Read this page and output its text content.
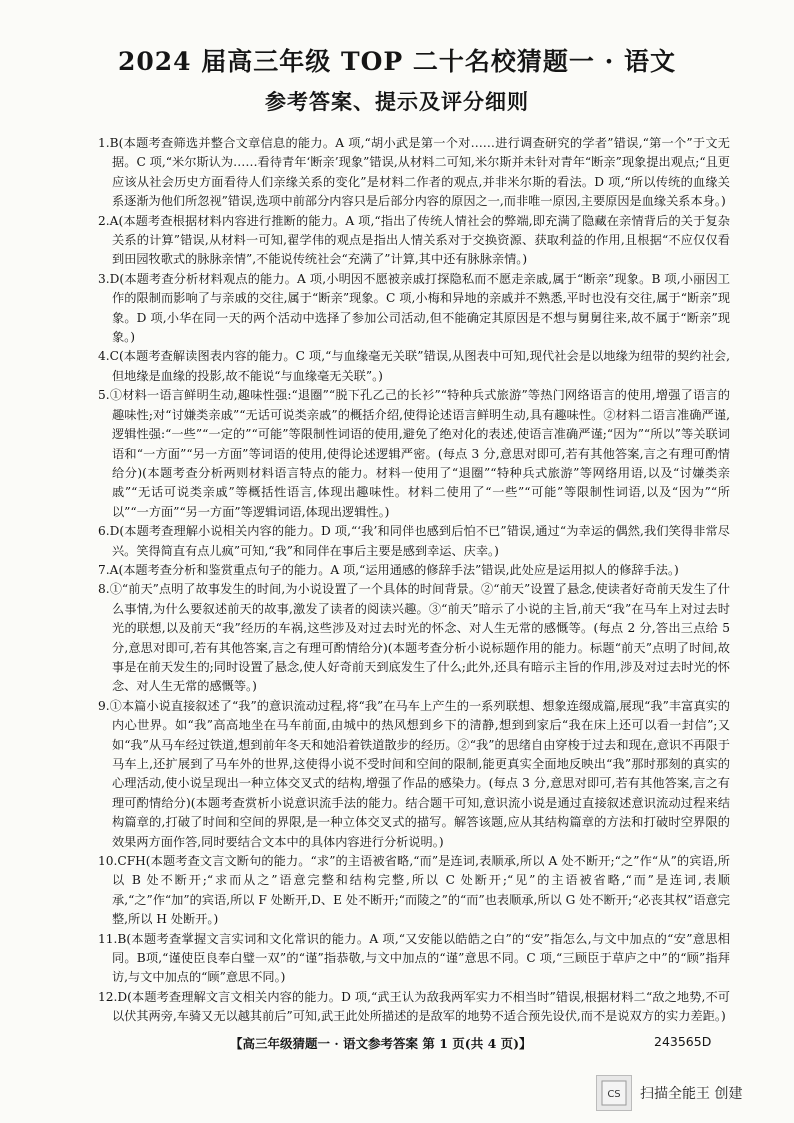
2024 届高三年级 TOP 二十名校猜题一 · 语文
参考答案、提示及评分细则

1.B(本题考查筛选并整合文章信息的能力。A 项,“胡小武是第一个对……进行调查研究的学者”错误,“第一个”于文无据。C 项,“米尔斯认为……看待青年‘断亲’现象”错误,从材料二可知,米尔斯并未针对青年“断亲”现象提出观点;“且更应该从社会历史方面看待人们亲缘关系的变化”是材料二作者的观点,并非米尔斯的看法。D 项,“所以传统的血缘关系逐渐为他们所忽视”错误,选项中前部分内容只是后部分内容的原因之一,而非唯一原因,主要原因是血缘关系本身。)

2.A(本题考查根据材料内容进行推断的能力。A 项,“指出了传统人情社会的弊端,即充满了隐藏在亲情背后的关于复杂关系的计算”错误,从材料一可知,翟学伟的观点是指出人情关系对于交换资源、获取利益的作用,且根据“不应仅仅看到田园牧歌式的脉脉亲情”,不能说传统社会“充满了”计算,其中还有脉脉亲情。)

3.D(本题考查分析材料观点的能力。A 项,小明因不愿被亲戚打探隐私而不愿走亲戚,属于“断亲”现象。B 项,小丽因工作的限制而影响了与亲戚的交往,属于“断亲”现象。C 项,小梅和异地的亲戚并不熟悉,平时也没有交往,属于“断亲”现象。D 项,小华在同一天的两个活动中选择了参加公司活动,但不能确定其原因是不想与舅舅往来,故不属于“断亲”现象。)

4.C(本题考查解读图表内容的能力。C 项,“与血缘毫无关联”错误,从图表中可知,现代社会是以地缘为纽带的契约社会,但地缘是血缘的投影,故不能说“与血缘毫无关联”。)

5.①材料一语言鲜明生动,趣味性强:“退圈”“脱下孔乙己的长衫”“特种兵式旅游”等热门网络语言的使用,增强了语言的趣味性;对“讨嫌类亲戚”“无话可说类亲戚”的概括介绍,使得论述语言鲜明生动,具有趣味性。②材料二语言准确严谨,逻辑性强:“一些”“一定的”“可能”等限制性词语的使用,避免了绝对化的表述,使语言准确严谨;“因为”“所以”等关联词语和“一方面”“另一方面”等词语的使用,使得论述逻辑严密。(每点 3 分,意思对即可,若有其他答案,言之有理可酌情给分)(本题考查分析两则材料语言特点的能力。材料一使用了“退圈”“特种兵式旅游”等网络用语,以及“讨嫌类亲戚”“无话可说类亲戚”等概括性语言,体现出趣味性。材料二使用了“一些”“可能”等限制性词语,以及“因为”“所以”“一方面”“另一方面”等逻辑词语,体现出逻辑性。)

6.D(本题考查理解小说相关内容的能力。D 项,“‘我’和同伴也感到后怕不已”错误,通过“为幸运的偶然,我们笑得非常尽兴。笑得简直有点儿疯”可知,“我”和同伴在事后主要是感到幸运、庆幸。)

7.A(本题考查分析和鉴赏重点句子的能力。A 项,“运用通感的修辞手法”错误,此处应是运用拟人的修辞手法。)

8.①“前天”点明了故事发生的时间,为小说设置了一个具体的时间背景。②“前天”设置了悬念,使读者好奇前天发生了什么事情,为什么要叙述前天的故事,激发了读者的阅读兴趣。③“前天”暗示了小说的主旨,前天“我”在马车上对过去时光的联想,以及前天“我”经历的车祸,这些涉及对过去时光的怀念、对人生无常的感慨等。(每点 2 分,答出三点给 5 分,意思对即可,若有其他答案,言之有理可酌情给分)(本题考查分析小说标题作用的能力。标题“前天”点明了时间,故事是在前天发生的;同时设置了悬念,使人好奇前天到底发生了什么;此外,还具有暗示主旨的作用,涉及对过去时光的怀念、对人生无常的感慨等。)

9.①本篇小说直接叙述了“我”的意识流动过程,将“我”在马车上产生的一系列联想、想象连缀成篇,展现“我”丰富真实的内心世界。如“我”高高地坐在马车前面,由城中的热风想到乡下的清静,想到到家后“我在床上还可以看一封信”;又如“我”从马车经过铁道,想到前年冬天和她沿着铁道散步的经历。②“我”的思绪自由穿梭于过去和现在,意识不再限于马车上,还扩展到了马车外的世界,这使得小说不受时间和空间的限制,能更真实全面地反映出“我”那时那刻的真实的心理活动,使小说呈现出一种立体交叉式的结构,增强了作品的感染力。(每点 3 分,意思对即可,若有其他答案,言之有理可酌情给分)(本题考查赏析小说意识流手法的能力。结合题干可知,意识流小说是通过直接叙述意识流动过程来结构篇章的,打破了时间和空间的界限,是一种立体交叉式的描写。解答该题,应从其结构篇章的方法和打破时空界限的效果两方面作答,同时要结合文本中的具体内容进行分析说明。)

10.CFH(本题考查文言文断句的能力。“求”的主语被省略,“而”是连词,表顺承,所以 A 处不断开;“之”作“从”的宾语,所以 B 处不断开;“求而从之”语意完整和结构完整,所以 C 处断开;“见”的主语被省略,“而”是连词,表顺承,“之”作“加”的宾语,所以 F 处断开,D、E 处不断开;“而陵之”的“而”也表顺承,所以 G 处不断开;“必丧其权”语意完整,所以 H 处断开。)

11.B(本题考查掌握文言实词和文化常识的能力。A 项,“又安能以皓皓之白”的“安”指怎么,与文中加点的“安”意思相同。B项,“谨使臣良奉白璧一双”的“谨”指恭敬,与文中加点的“谨”意思不同。C 项,“三顾臣于草庐之中”的“顾”指拜访,与文中加点的“顾”意思不同。)

12.D(本题考查理解文言文相关内容的能力。D 项,“武王认为敌我两军实力不相当时”错误,根据材料二“敌之地势,不可以伏其两旁,车骑又无以越其前后”可知,武王此处所描述的是敌军的地势不适合预先设伏,而不是说双方的实力差距。)

【高三年级猜题一 · 语文参考答案 第 1 页(共 4 页)】	243565D
CS 扫描全能王 创建
